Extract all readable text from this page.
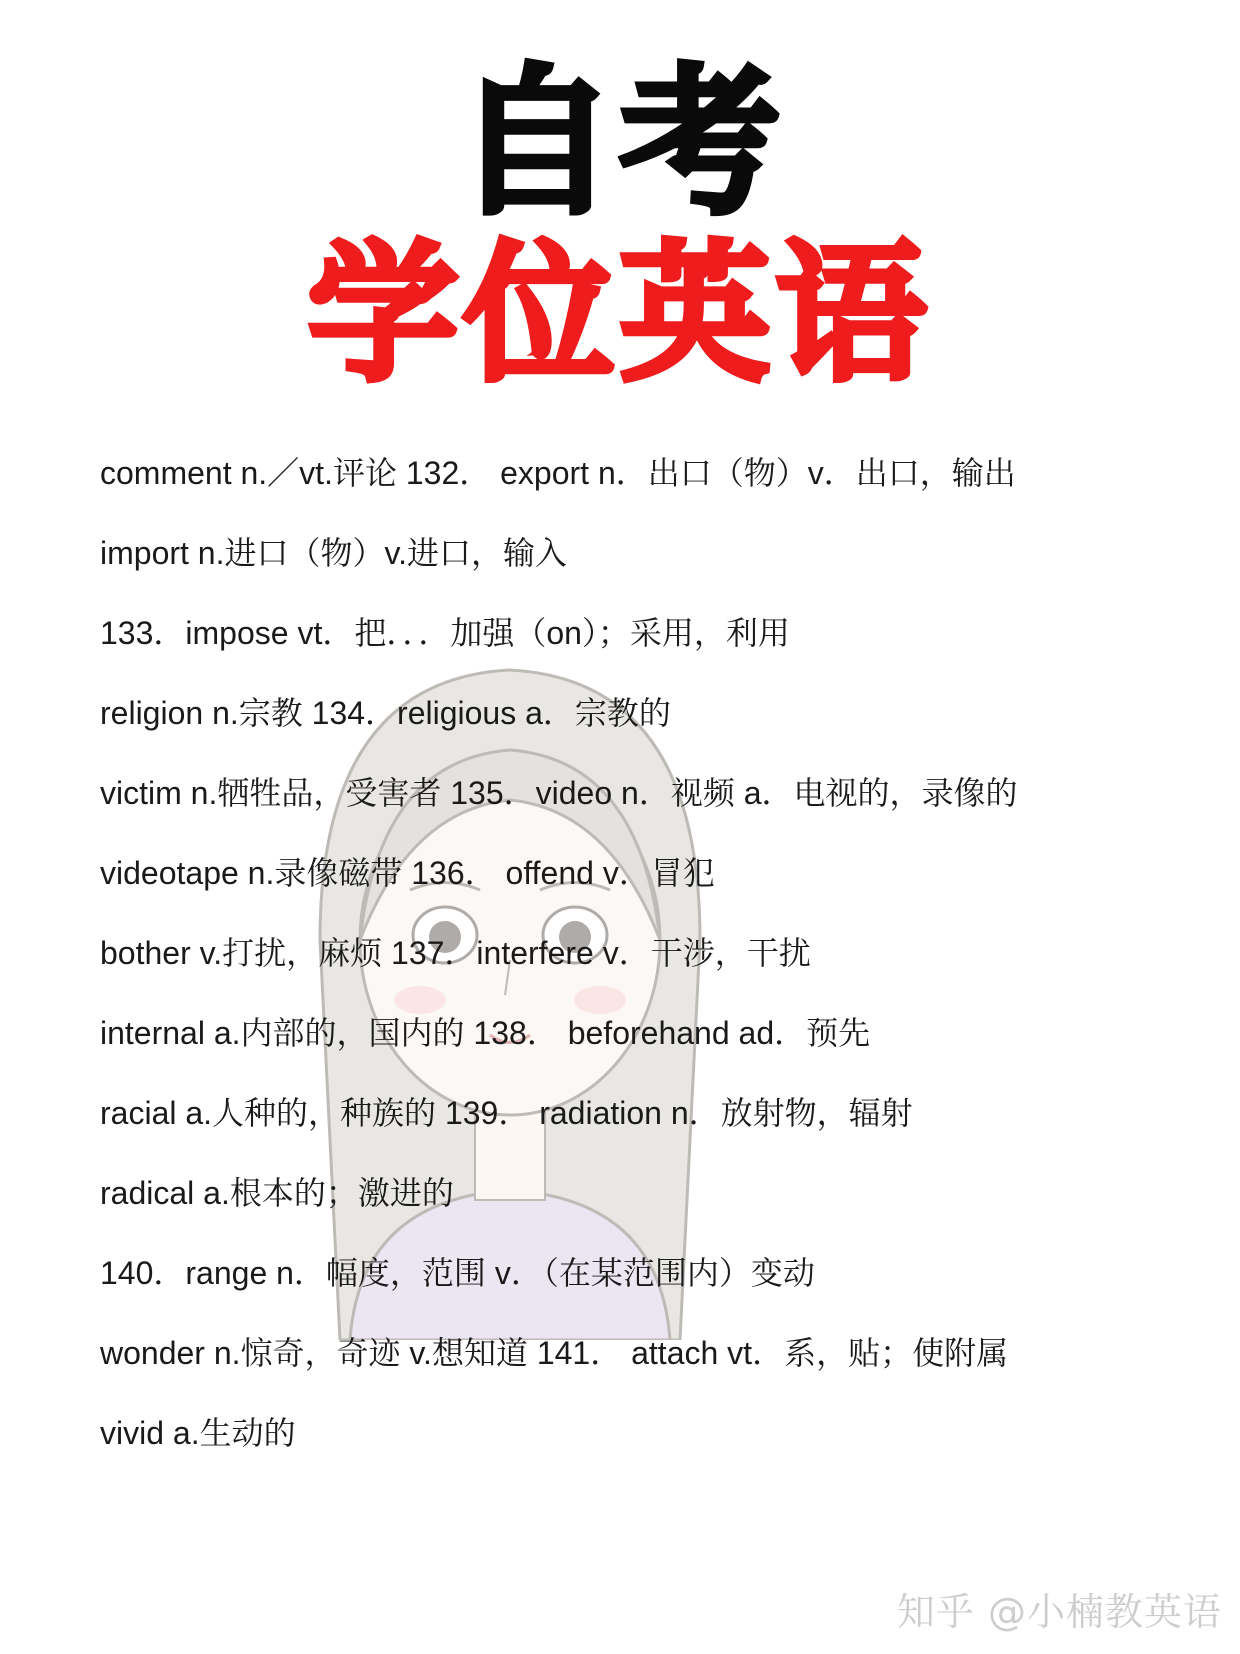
自考
学位英语
comment n.／vt.评论 132． export n．出口（物）v．出口，输出
import n.进口（物）v.进口，输入
133．impose vt．把．．．加强（on）；采用，利用
religion n.宗教 134．religious a．宗教的
victim n.牺牲品，受害者 135．video n．视频 a．电视的，录像的
videotape n.录像磁带 136． offend v．冒犯
bother v.打扰，麻烦 137．interfere v．干涉，干扰
internal a.内部的，国内的 138． beforehand ad．预先
racial a.人种的，种族的 139． radiation n．放射物，辐射
radical a.根本的；激进的
140．range n．幅度，范围 v．（在某范围内）变动
wonder n.惊奇，奇迹 v.想知道 141． attach vt．系，贴；使附属
vivid a.生动的
知乎 @小楠教英语
